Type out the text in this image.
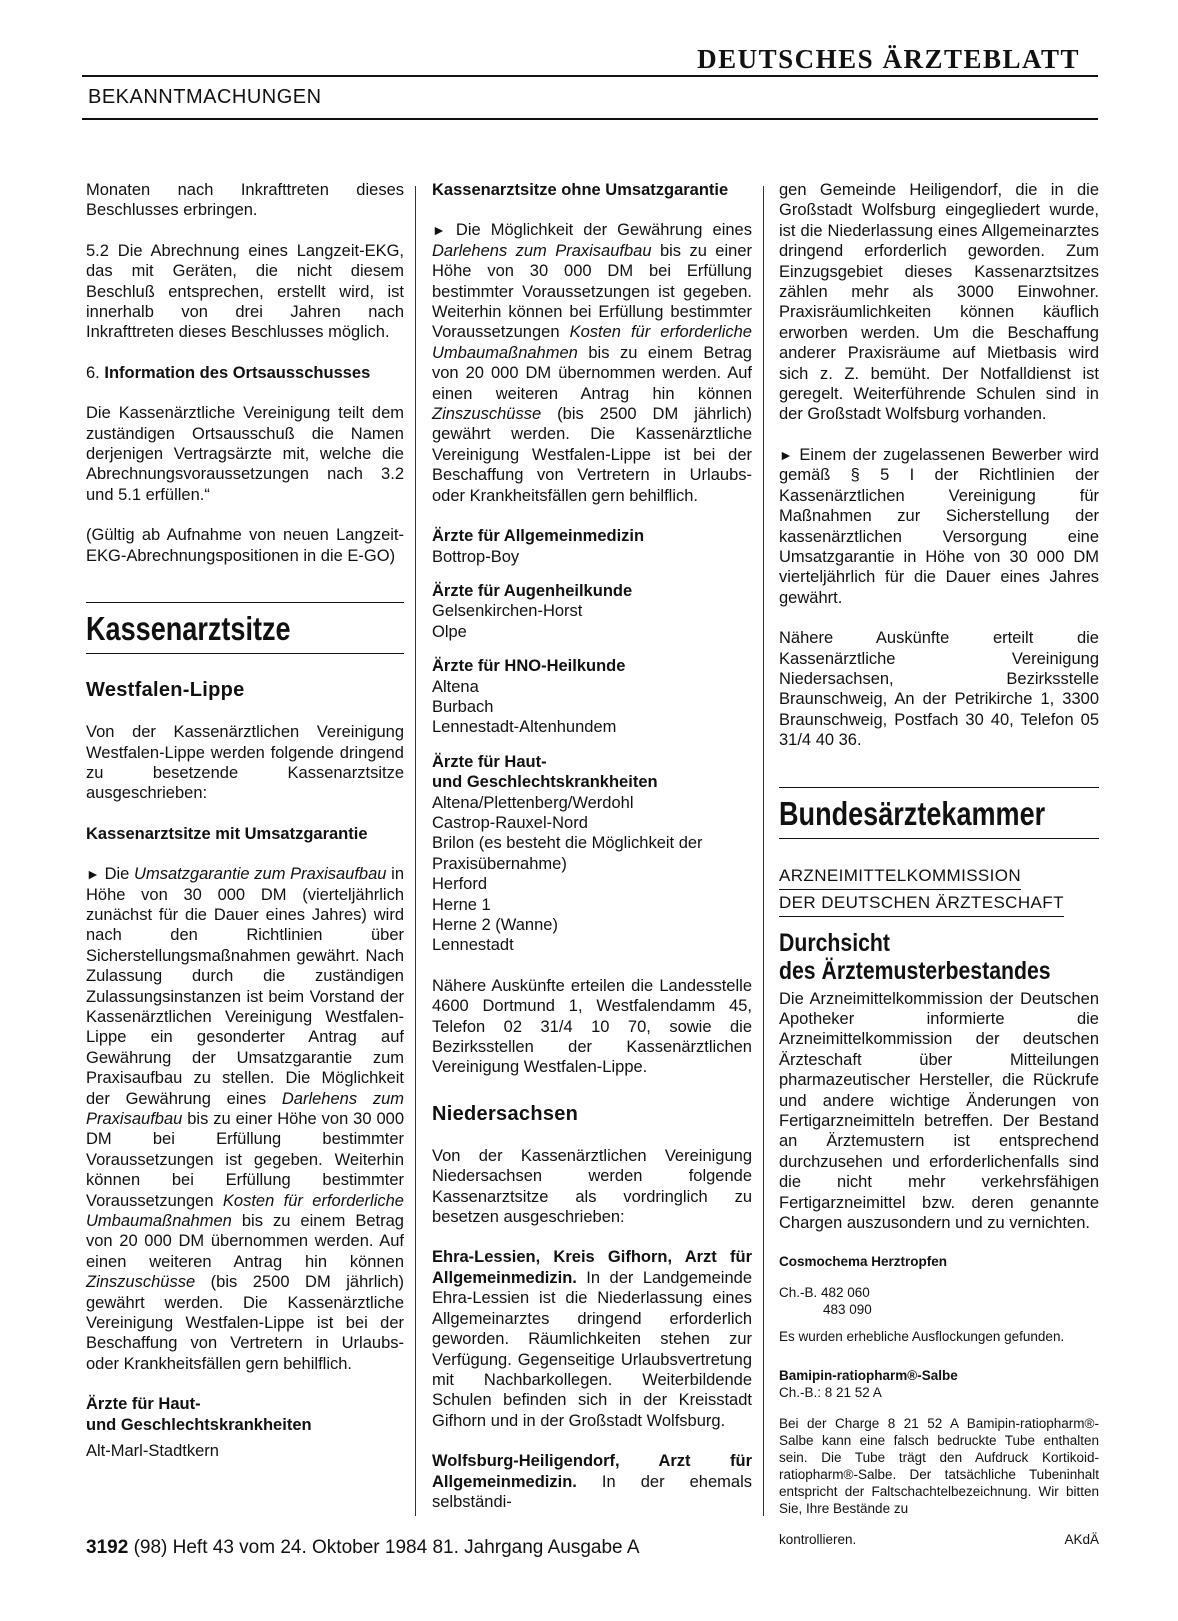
DEUTSCHES ÄRZTEBLATT
BEKANNTMACHUNGEN

Monaten nach Inkrafttreten dieses Beschlusses erbringen.

5.2 Die Abrechnung eines Langzeit-EKG, das mit Geräten, die nicht diesem Beschluß entsprechen, erstellt wird, ist innerhalb von drei Jahren nach Inkrafttreten dieses Beschlusses möglich.

6. Information des Ortsausschusses

Die Kassenärztliche Vereinigung teilt dem zuständigen Ortsausschuß die Namen derjenigen Vertragsärzte mit, welche die Abrechnungsvoraussetzungen nach 3.2 und 5.1 erfüllen.“

(Gültig ab Aufnahme von neuen Langzeit-EKG-Abrechnungspositionen in die E-GO)

Kassenarztsitze
Westfalen-Lippe

Von der Kassenärztlichen Vereinigung Westfalen-Lippe werden folgende dringend zu besetzende Kassenarztsitze ausgeschrieben:

Kassenarztsitze mit Umsatzgarantie

► Die Umsatzgarantie zum Praxisaufbau in Höhe von 30 000 DM (vierteljährlich zunächst für die Dauer eines Jahres) wird nach den Richtlinien über Sicherstellungsmaßnahmen gewährt. Nach Zulassung durch die zuständigen Zulassungsinstanzen ist beim Vorstand der Kassenärztlichen Vereinigung Westfalen-Lippe ein gesonderter Antrag auf Gewährung der Umsatzgarantie zum Praxisaufbau zu stellen. Die Möglichkeit der Gewährung eines Darlehens zum Praxisaufbau bis zu einer Höhe von 30 000 DM bei Erfüllung bestimmter Voraussetzungen ist gegeben. Weiterhin können bei Erfüllung bestimmter Voraussetzungen Kosten für erforderliche Umbaumaßnahmen bis zu einem Betrag von 20 000 DM übernommen werden. Auf einen weiteren Antrag hin können Zinszuschüsse (bis 2500 DM jährlich) gewährt werden. Die Kassenärztliche Vereinigung Westfalen-Lippe ist bei der Beschaffung von Vertretern in Urlaubs- oder Krankheitsfällen gern behilflich.

Ärzte für Haut-
und Geschlechtskrankheiten
Alt-Marl-Stadtkern
Kassenarztsitze ohne Umsatzgarantie

► Die Möglichkeit der Gewährung eines Darlehens zum Praxisaufbau bis zu einer Höhe von 30 000 DM bei Erfüllung bestimmter Voraussetzungen ist gegeben. Weiterhin können bei Erfüllung bestimmter Voraussetzungen Kosten für erforderliche Umbaumaßnahmen bis zu einem Betrag von 20 000 DM übernommen werden. Auf einen weiteren Antrag hin können Zinszuschüsse (bis 2500 DM jährlich) gewährt werden. Die Kassenärztliche Vereinigung Westfalen-Lippe ist bei der Beschaffung von Vertretern in Urlaubs- oder Krankheitsfällen gern behilflich.

Ärzte für Allgemeinmedizin
Bottrop-Boy
Ärzte für Augenheilkunde
Gelsenkirchen-Horst
Olpe
Ärzte für HNO-Heilkunde
Altena
Burbach
Lennestadt-Altenhundem
Ärzte für Haut-
und Geschlechtskrankheiten
Altena/Plettenberg/Werdohl
Castrop-Rauxel-Nord
Brilon (es besteht die Möglichkeit der Praxisübernahme)
Herford
Herne 1
Herne 2 (Wanne)
Lennestadt

Nähere Auskünfte erteilen die Landesstelle 4600 Dortmund 1, Westfalendamm 45, Telefon 02 31/4 10 70, sowie die Bezirksstellen der Kassenärztlichen Vereinigung Westfalen-Lippe.

Niedersachsen

Von der Kassenärztlichen Vereinigung Niedersachsen werden folgende Kassenarztsitze als vordringlich zu besetzen ausgeschrieben:

Ehra-Lessien, Kreis Gifhorn, Arzt für Allgemeinmedizin. In der Landgemeinde Ehra-Lessien ist die Niederlassung eines Allgemeinarztes dringend erforderlich geworden. Räumlichkeiten stehen zur Verfügung. Gegenseitige Urlaubsvertretung mit Nachbarkollegen. Weiterbildende Schulen befinden sich in der Kreisstadt Gifhorn und in der Großstadt Wolfsburg.

Wolfsburg-Heiligendorf, Arzt für Allgemeinmedizin. In der ehemals selbständi-

gen Gemeinde Heiligendorf, die in die Großstadt Wolfsburg eingegliedert wurde, ist die Niederlassung eines Allgemeinarztes dringend erforderlich geworden. Zum Einzugsgebiet dieses Kassenarztsitzes zählen mehr als 3000 Einwohner. Praxisräumlichkeiten können käuflich erworben werden. Um die Beschaffung anderer Praxisräume auf Mietbasis wird sich z. Z. bemüht. Der Notfalldienst ist geregelt. Weiterführende Schulen sind in der Großstadt Wolfsburg vorhanden.

► Einem der zugelassenen Bewerber wird gemäß § 5 I der Richtlinien der Kassenärztlichen Vereinigung für Maßnahmen zur Sicherstellung der kassenärztlichen Versorgung eine Umsatzgarantie in Höhe von 30 000 DM vierteljährlich für die Dauer eines Jahres gewährt.

Nähere Auskünfte erteilt die Kassenärztliche Vereinigung Niedersachsen, Bezirksstelle Braunschweig, An der Petrikirche 1, 3300 Braunschweig, Postfach 30 40, Telefon 05 31/4 40 36.

Bundesärztekammer
ARZNEIMITTELKOMMISSION
DER DEUTSCHEN ÄRZTESCHAFT
Durchsicht
des Ärztemusterbestandes

Die Arzneimittelkommission der Deutschen Apotheker informierte die Arzneimittelkommission der deutschen Ärzteschaft über Mitteilungen pharmazeutischer Hersteller, die Rückrufe und andere wichtige Änderungen von Fertigarzneimitteln betreffen. Der Bestand an Ärztemustern ist entsprechend durchzusehen und erforderlichenfalls sind die nicht mehr verkehrsfähigen Fertigarzneimittel bzw. deren genannte Chargen auszusondern und zu vernichten.

Cosmochema Herztropfen

Ch.-B. 482 060
483 090

Es wurden erhebliche Ausflockungen gefunden.

Bamipin-ratiopharm®-Salbe
Ch.-B.: 8 21 52 A

Bei der Charge 8 21 52 A Bamipin-ratiopharm®-Salbe kann eine falsch bedruckte Tube enthalten sein. Die Tube trägt den Aufdruck Kortikoid-ratiopharm®-Salbe. Der tatsächliche Tubeninhalt entspricht der Faltschachtelbezeichnung. Wir bitten Sie, Ihre Bestände zu

kontrollieren.	AKdÄ
3192 (98) Heft 43 vom 24. Oktober 1984 81. Jahrgang Ausgabe A
